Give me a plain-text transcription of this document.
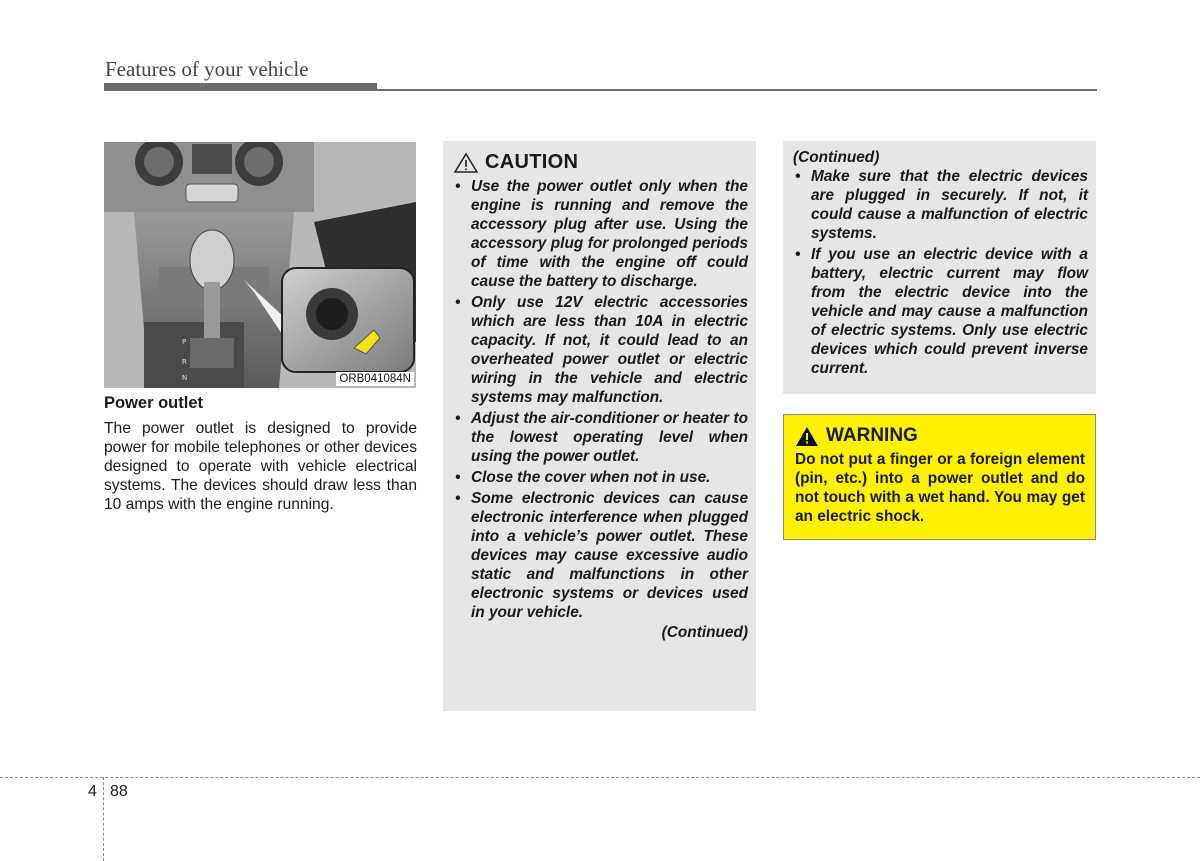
Features of your vehicle
P
R
N	ORB041084N
Power outlet
The power outlet is designed to provide power for mobile telephones or other devices designed to operate with vehicle electrical systems. The devices should draw less than 10 amps with the engine running.
CAUTION
• Use the power outlet only when the engine is running and remove the accessory plug after use. Using the accessory plug for prolonged periods of time with the engine off could cause the battery to discharge.
• Only use 12V electric accessories which are less than 10A in electric capacity. If not, it could lead to an overheated power outlet or electric wiring in the vehicle and electric systems may malfunction.
• Adjust the air-conditioner or heater to the lowest operating level when using the power outlet.
• Close the cover when not in use.
• Some electronic devices can cause electronic interference when plugged into a vehicle’s power outlet. These devices may cause excessive audio static and malfunctions in other electronic systems or devices used in your vehicle.
(Continued)
(Continued)
• Make sure that the electric devices are plugged in securely. If not, it could cause a malfunction of electric systems.
• If you use an electric device with a battery, electric current may flow from the electric device into the vehicle and may cause a malfunction of electric systems. Only use electric devices which could prevent inverse current.
WARNING
Do not put a finger or a foreign element (pin, etc.) into a power outlet and do not touch with a wet hand. You may get an electric shock.
4 88
